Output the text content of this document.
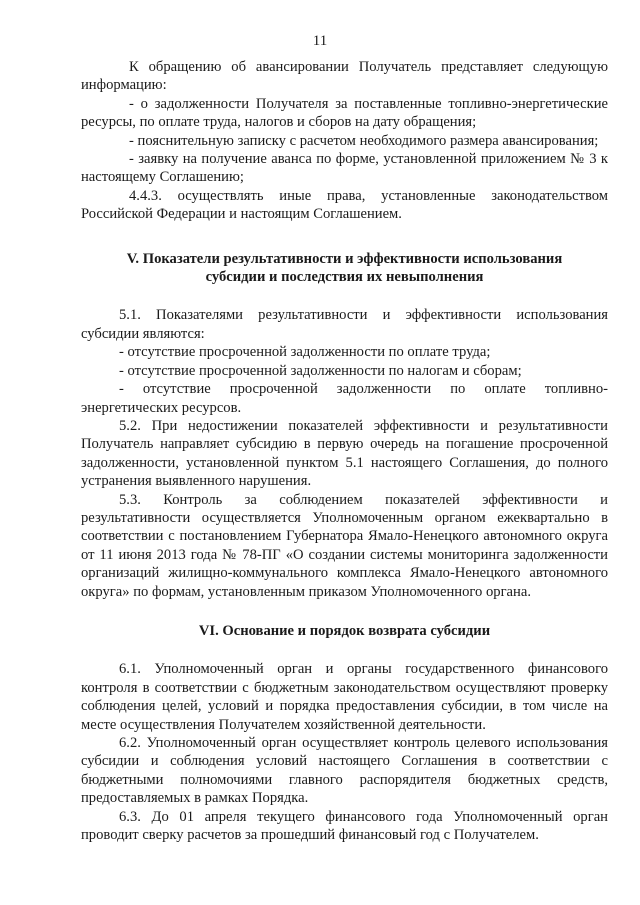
11

К обращению об авансировании Получатель представляет следующую информацию:

- о задолженности Получателя за поставленные топливно-энергетические ресурсы, по оплате труда, налогов и сборов на дату обращения;

- пояснительную записку с расчетом необходимого размера авансирования;

- заявку на получение аванса по форме, установленной приложением № 3 к настоящему Соглашению;

4.4.3. осуществлять иные права, установленные законодательством Российской Федерации и настоящим Соглашением.

V. Показатели результативности и эффективности использования

субсидии и последствия их невыполнения

5.1. Показателями результативности и эффективности использования субсидии являются:

- отсутствие просроченной задолженности по оплате труда;

- отсутствие просроченной задолженности по налогам и сборам;

- отсутствие просроченной задолженности по оплате топливно-энергетических ресурсов.

5.2. При недостижении показателей эффективности и результативности Получатель направляет субсидию в первую очередь на погашение просроченной задолженности, установленной пунктом 5.1 настоящего Соглашения, до полного устранения выявленного нарушения.

5.3. Контроль за соблюдением показателей эффективности и результативности осуществляется Уполномоченным органом ежеквартально в соответствии с постановлением Губернатора Ямало-Ненецкого автономного округа от 11 июня 2013 года № 78-ПГ «О создании системы мониторинга задолженности организаций жилищно-коммунального комплекса Ямало-Ненецкого автономного округа» по формам, установленным приказом Уполномоченного органа.

VI. Основание и порядок возврата субсидии

6.1. Уполномоченный орган и органы государственного финансового контроля в соответствии с бюджетным законодательством осуществляют проверку соблюдения целей, условий и порядка предоставления субсидии, в том числе на месте осуществления Получателем хозяйственной деятельности.

6.2. Уполномоченный орган осуществляет контроль целевого использования субсидии и соблюдения условий настоящего Соглашения в соответствии с бюджетными полномочиями главного распорядителя бюджетных средств, предоставляемых в рамках Порядка.

6.3. До 01 апреля текущего финансового года Уполномоченный орган проводит сверку расчетов за прошедший финансовый год с Получателем.
